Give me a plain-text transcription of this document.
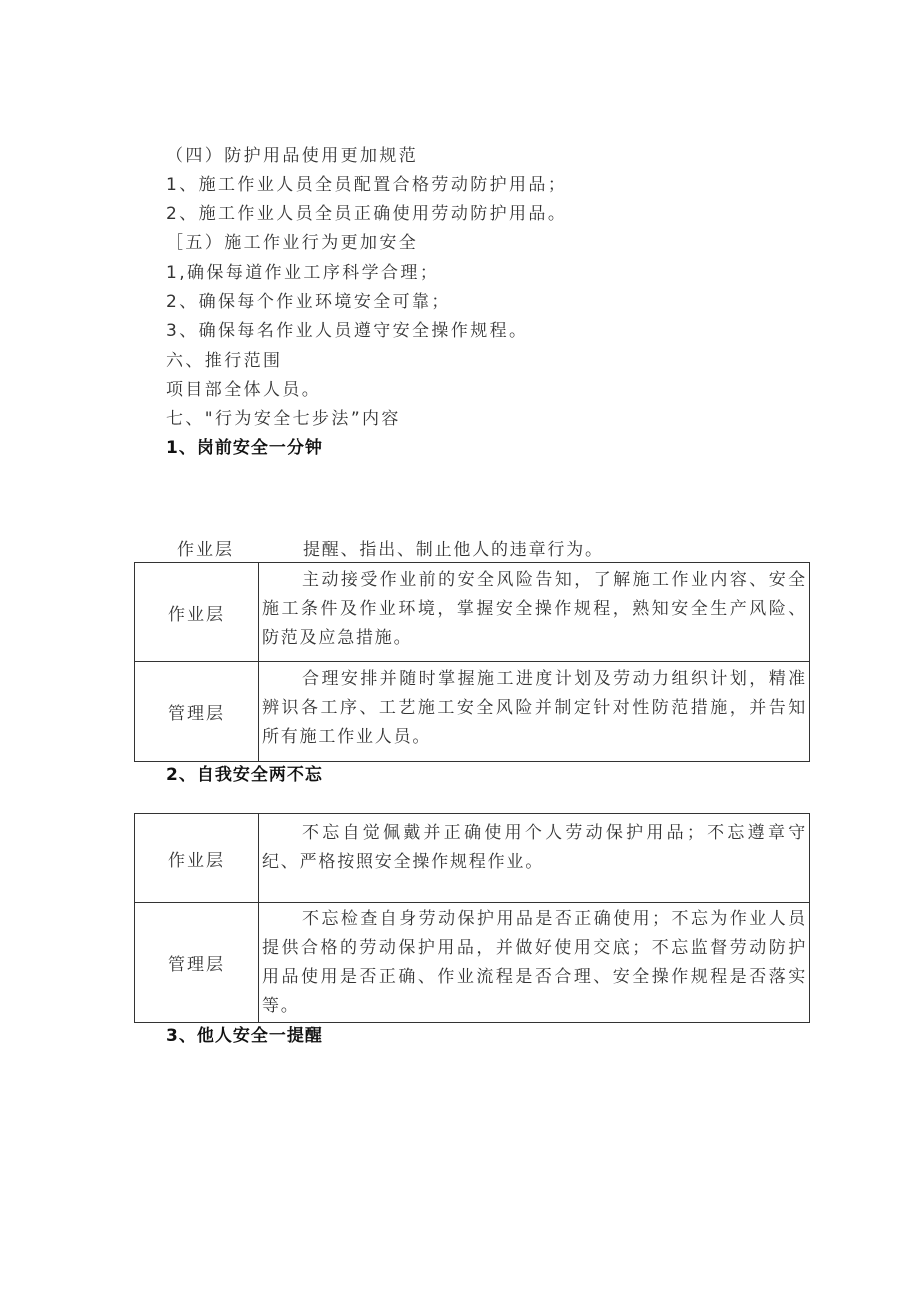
（四）防护用品使用更加规范
1、施工作业人员全员配置合格劳动防护用品；
2、施工作业人员全员正确使用劳动防护用品。
［五）施工作业行为更加安全
1,确保每道作业工序科学合理；
2、确保每个作业环境安全可靠；
3、确保每名作业人员遵守安全操作规程。
六、推行范围
项目部全体人员。
七、"行为安全七步法”内容
1、岗前安全一分钟
作业层	提醒、指出、制止他人的违章行为。
作业层
主动接受作业前的安全风险告知，了解施工作业内容、安全施工条件及作业环境，掌握安全操作规程，熟知安全生产风险、防范及应急措施。
管理层
合理安排并随时掌握施工进度计划及劳动力组织计划，精准辨识各工序、工艺施工安全风险并制定针对性防范措施，并告知所有施工作业人员。
2、自我安全两不忘
作业层
不忘自觉佩戴并正确使用个人劳动保护用品；不忘遵章守纪、严格按照安全操作规程作业。
管理层
不忘检查自身劳动保护用品是否正确使用；不忘为作业人员提供合格的劳动保护用品，并做好使用交底；不忘监督劳动防护用品使用是否正确、作业流程是否合理、安全操作规程是否落实等。
3、他人安全一提醒
